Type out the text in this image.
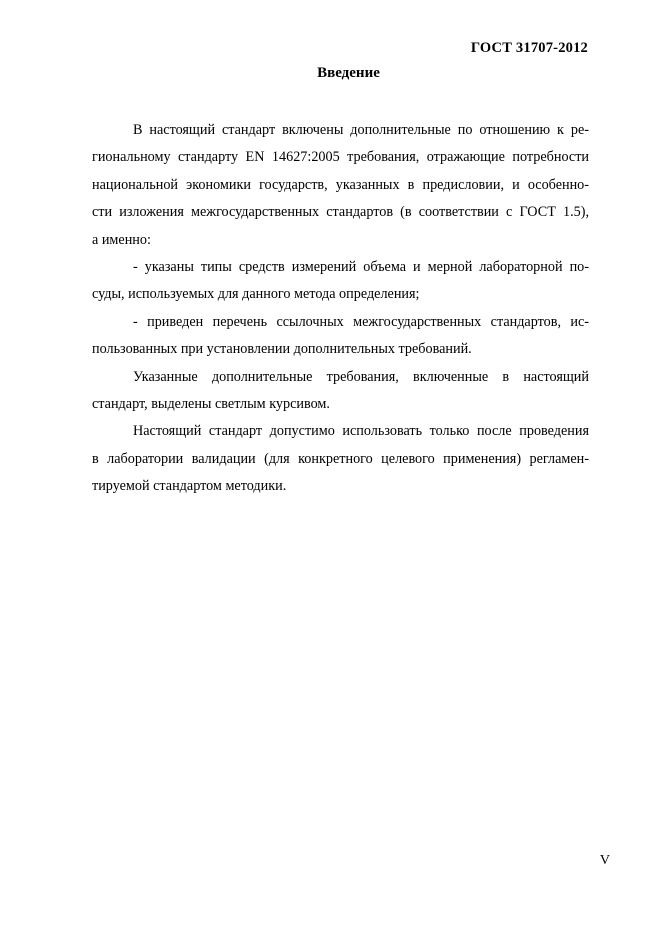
ГОСТ 31707-2012
Введение
В настоящий стандарт включены дополнительные по отношению к ре-
гиональному стандарту EN 14627:2005 требования, отражающие потребности
национальной экономики государств, указанных в предисловии, и особенно-
сти изложения межгосударственных стандартов (в соответствии с ГОСТ 1.5),
а именно:
- указаны типы средств измерений объема и мерной лабораторной по-
суды, используемых для данного метода определения;
- приведен перечень ссылочных межгосударственных стандартов, ис-
пользованных при установлении дополнительных требований.
Указанные дополнительные требования, включенные в настоящий
стандарт, выделены светлым курсивом.
Настоящий стандарт допустимо использовать только после проведения
в лаборатории валидации (для конкретного целевого применения) регламен-
тируемой стандартом методики.
V
